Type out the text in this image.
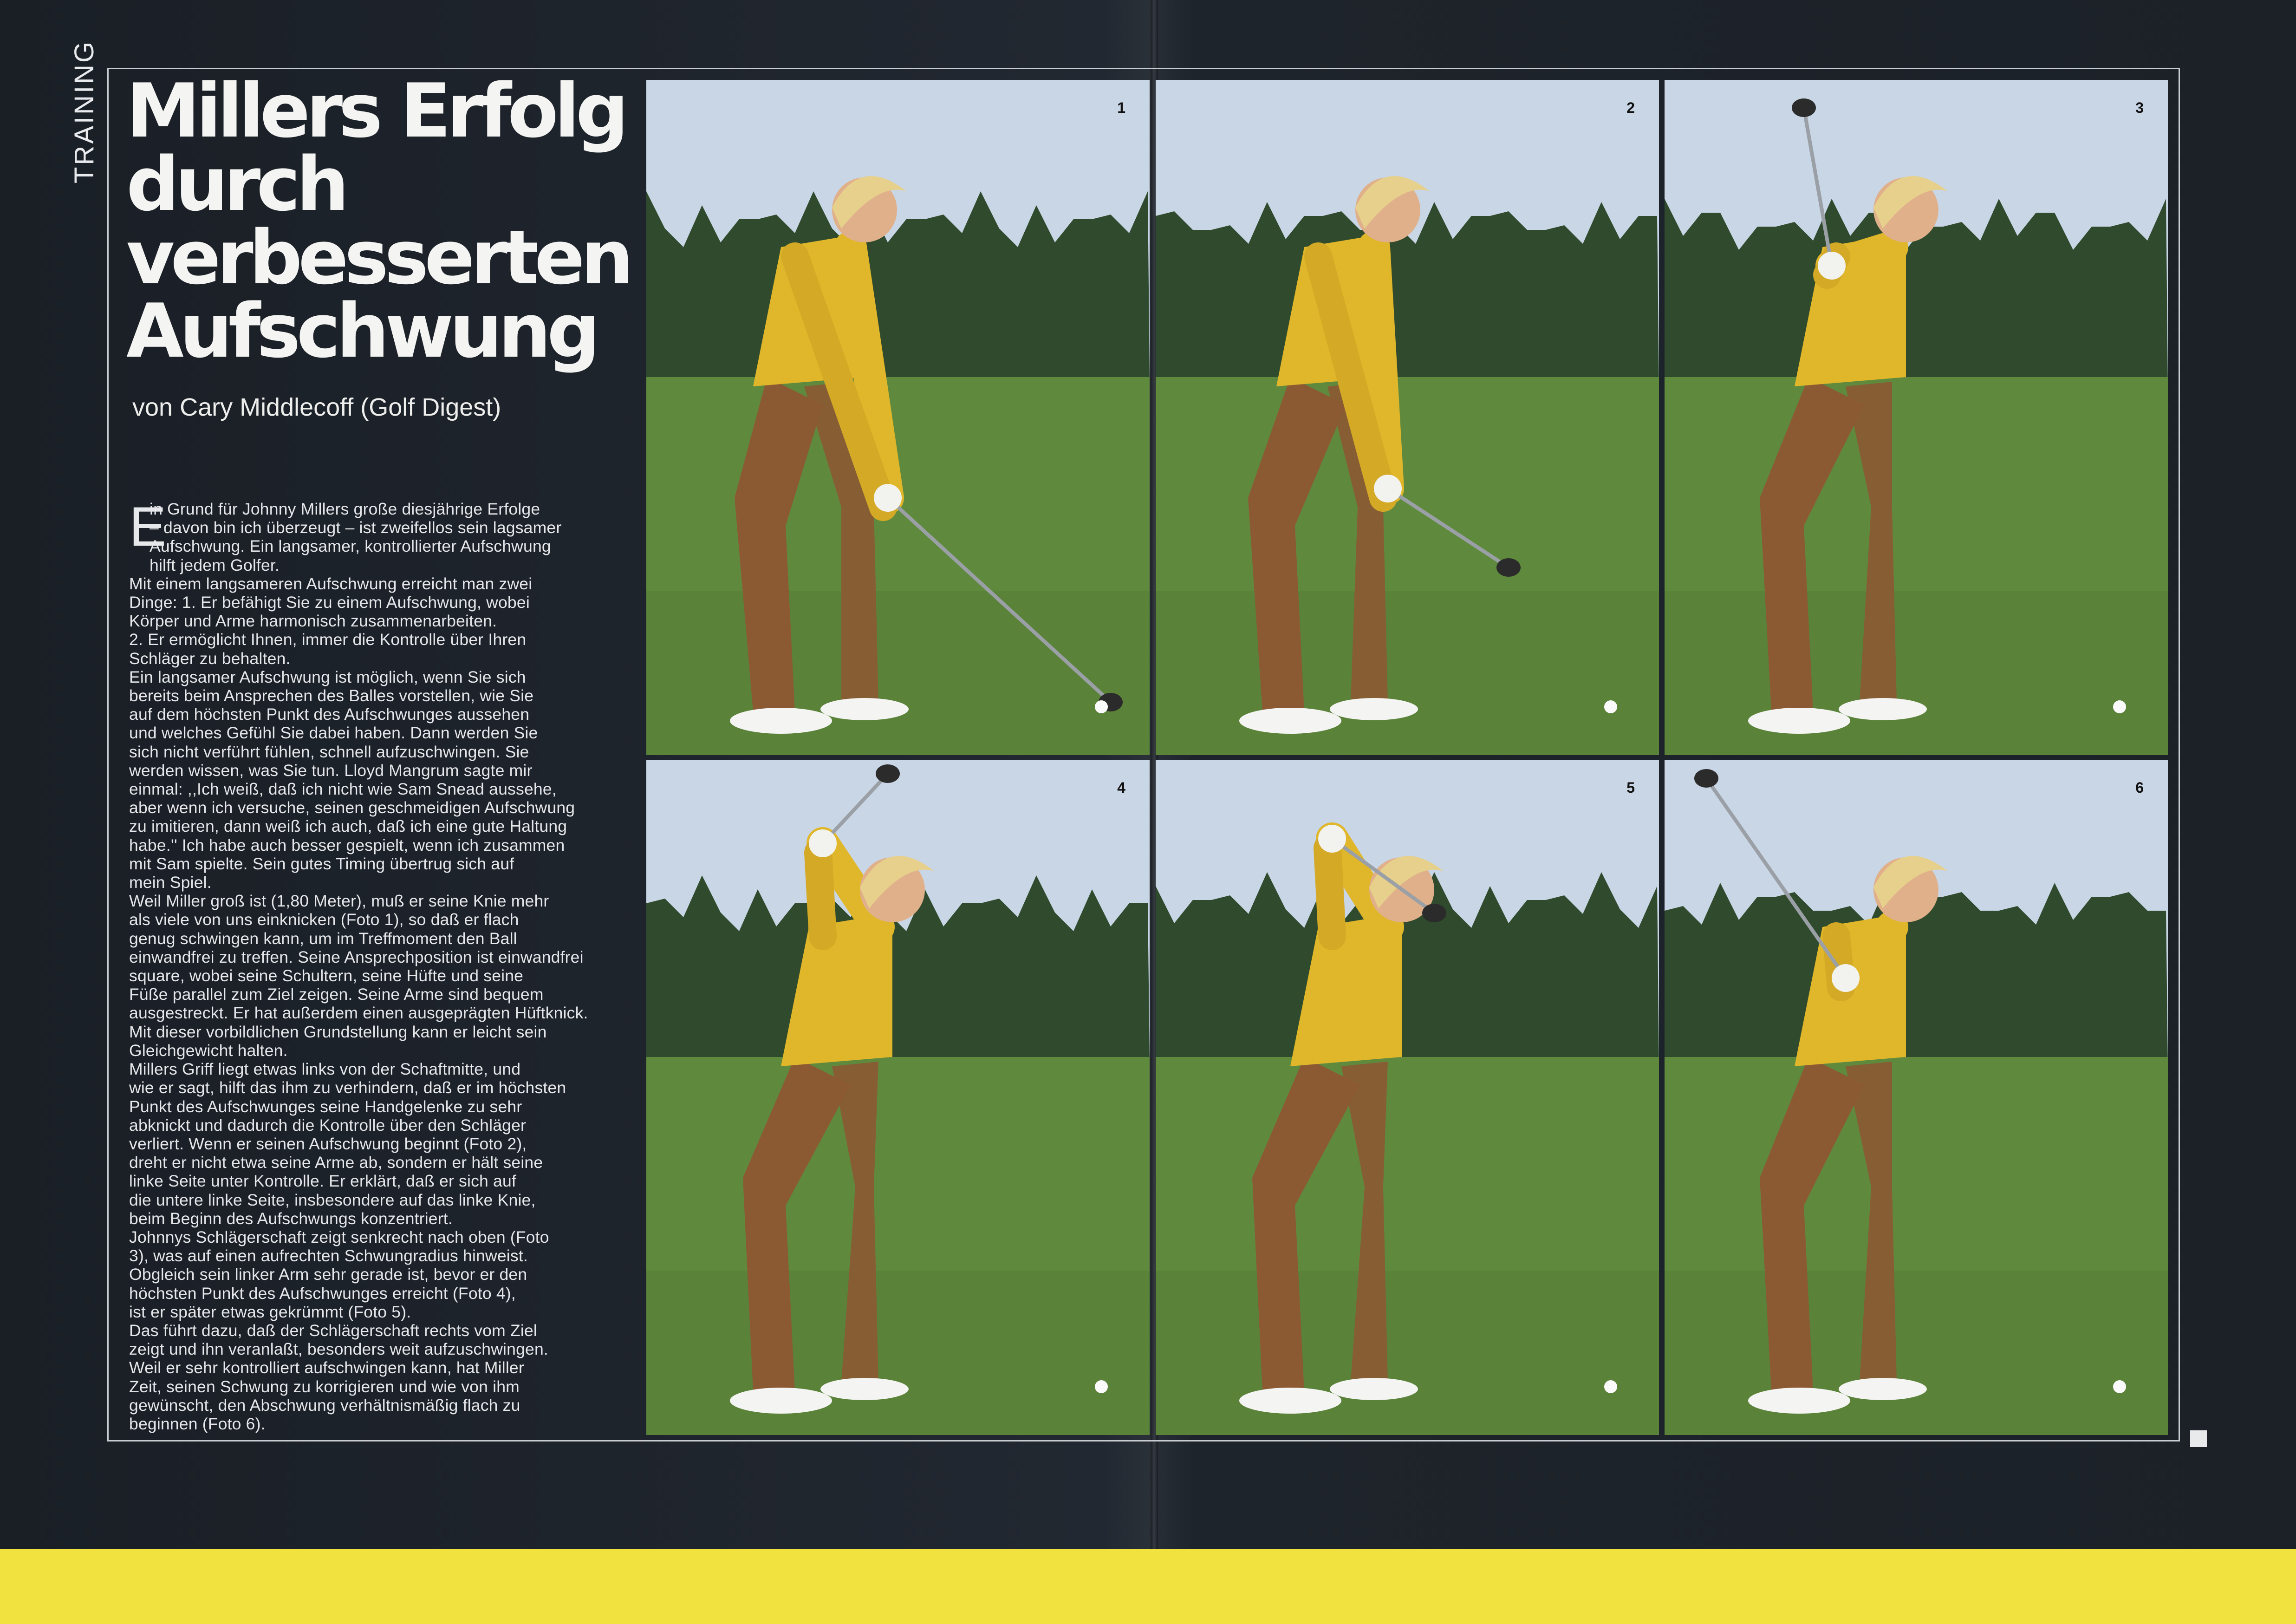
TRAINING Millers Erfolg
durch
verbesserten
Aufschwung
von Cary Middlecoff (Golf Digest)
E

in Grund für Johnny Millers große diesjährige Erfolge

– davon bin ich überzeugt – ist zweifellos sein lagsamer

Aufschwung. Ein langsamer, kontrollierter Aufschwung

hilft jedem Golfer.

Mit einem langsameren Aufschwung erreicht man zwei

Dinge: 1. Er befähigt Sie zu einem Aufschwung, wobei

Körper und Arme harmonisch zusammenarbeiten.

2. Er ermöglicht Ihnen, immer die Kontrolle über Ihren

Schläger zu behalten.

Ein langsamer Aufschwung ist möglich, wenn Sie sich

bereits beim Ansprechen des Balles vorstellen, wie Sie

auf dem höchsten Punkt des Aufschwunges aussehen

und welches Gefühl Sie dabei haben. Dann werden Sie

sich nicht verführt fühlen, schnell aufzuschwingen. Sie

werden wissen, was Sie tun. Lloyd Mangrum sagte mir

einmal: ,,Ich weiß, daß ich nicht wie Sam Snead aussehe,

aber wenn ich versuche, seinen geschmeidigen Aufschwung

zu imitieren, dann weiß ich auch, daß ich eine gute Haltung

habe.'' Ich habe auch besser gespielt, wenn ich zusammen

mit Sam spielte. Sein gutes Timing übertrug sich auf

mein Spiel.

Weil Miller groß ist (1,80 Meter), muß er seine Knie mehr

als viele von uns einknicken (Foto 1), so daß er flach

genug schwingen kann, um im Treffmoment den Ball

einwandfrei zu treffen. Seine Ansprechposition ist einwandfrei

square, wobei seine Schultern, seine Hüfte und seine

Füße parallel zum Ziel zeigen. Seine Arme sind bequem

ausgestreckt. Er hat außerdem einen ausgeprägten Hüftknick.

Mit dieser vorbildlichen Grundstellung kann er leicht sein

Gleichgewicht halten.

Millers Griff liegt etwas links von der Schaftmitte, und

wie er sagt, hilft das ihm zu verhindern, daß er im höchsten

Punkt des Aufschwunges seine Handgelenke zu sehr

abknickt und dadurch die Kontrolle über den Schläger

verliert. Wenn er seinen Aufschwung beginnt (Foto 2),

dreht er nicht etwa seine Arme ab, sondern er hält seine

linke Seite unter Kontrolle. Er erklärt, daß er sich auf

die untere linke Seite, insbesondere auf das linke Knie,

beim Beginn des Aufschwungs konzentriert.

Johnnys Schlägerschaft zeigt senkrecht nach oben (Foto

3), was auf einen aufrechten Schwungradius hinweist.

Obgleich sein linker Arm sehr gerade ist, bevor er den

höchsten Punkt des Aufschwunges erreicht (Foto 4),

ist er später etwas gekrümmt (Foto 5).

Das führt dazu, daß der Schlägerschaft rechts vom Ziel

zeigt und ihn veranlaßt, besonders weit aufzuschwingen.

Weil er sehr kontrolliert aufschwingen kann, hat Miller

Zeit, seinen Schwung zu korrigieren und wie von ihm

gewünscht, den Abschwung verhältnismäßig flach zu

beginnen (Foto 6).

1	2	3
4	5	6
